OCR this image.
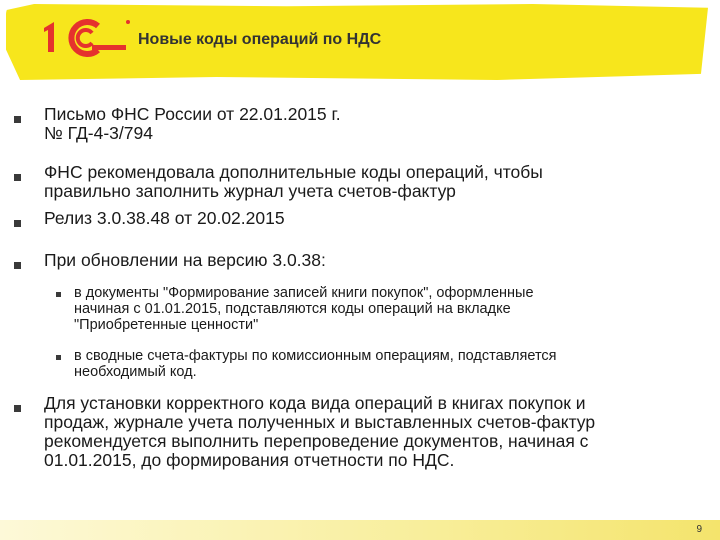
Новые коды операций по НДС
Письмо ФНС России от 22.01.2015 г.
№ ГД-4-3/794
ФНС рекомендовала дополнительные коды операций, чтобы
правильно заполнить журнал учета счетов-фактур
Релиз 3.0.38.48 от 20.02.2015
При обновлении на версию 3.0.38:
в документы "Формирование записей книги покупок", оформленные
начиная с 01.01.2015, подставляются коды операций на вкладке
"Приобретенные ценности"
в сводные счета-фактуры по комиссионным операциям, подставляется
необходимый код.
Для установки корректного кода вида операций в книгах покупок и
продаж, журнале учета полученных и выставленных счетов-фактур
рекомендуется выполнить перепроведение документов, начиная с
01.01.2015, до формирования отчетности по НДС.
9
